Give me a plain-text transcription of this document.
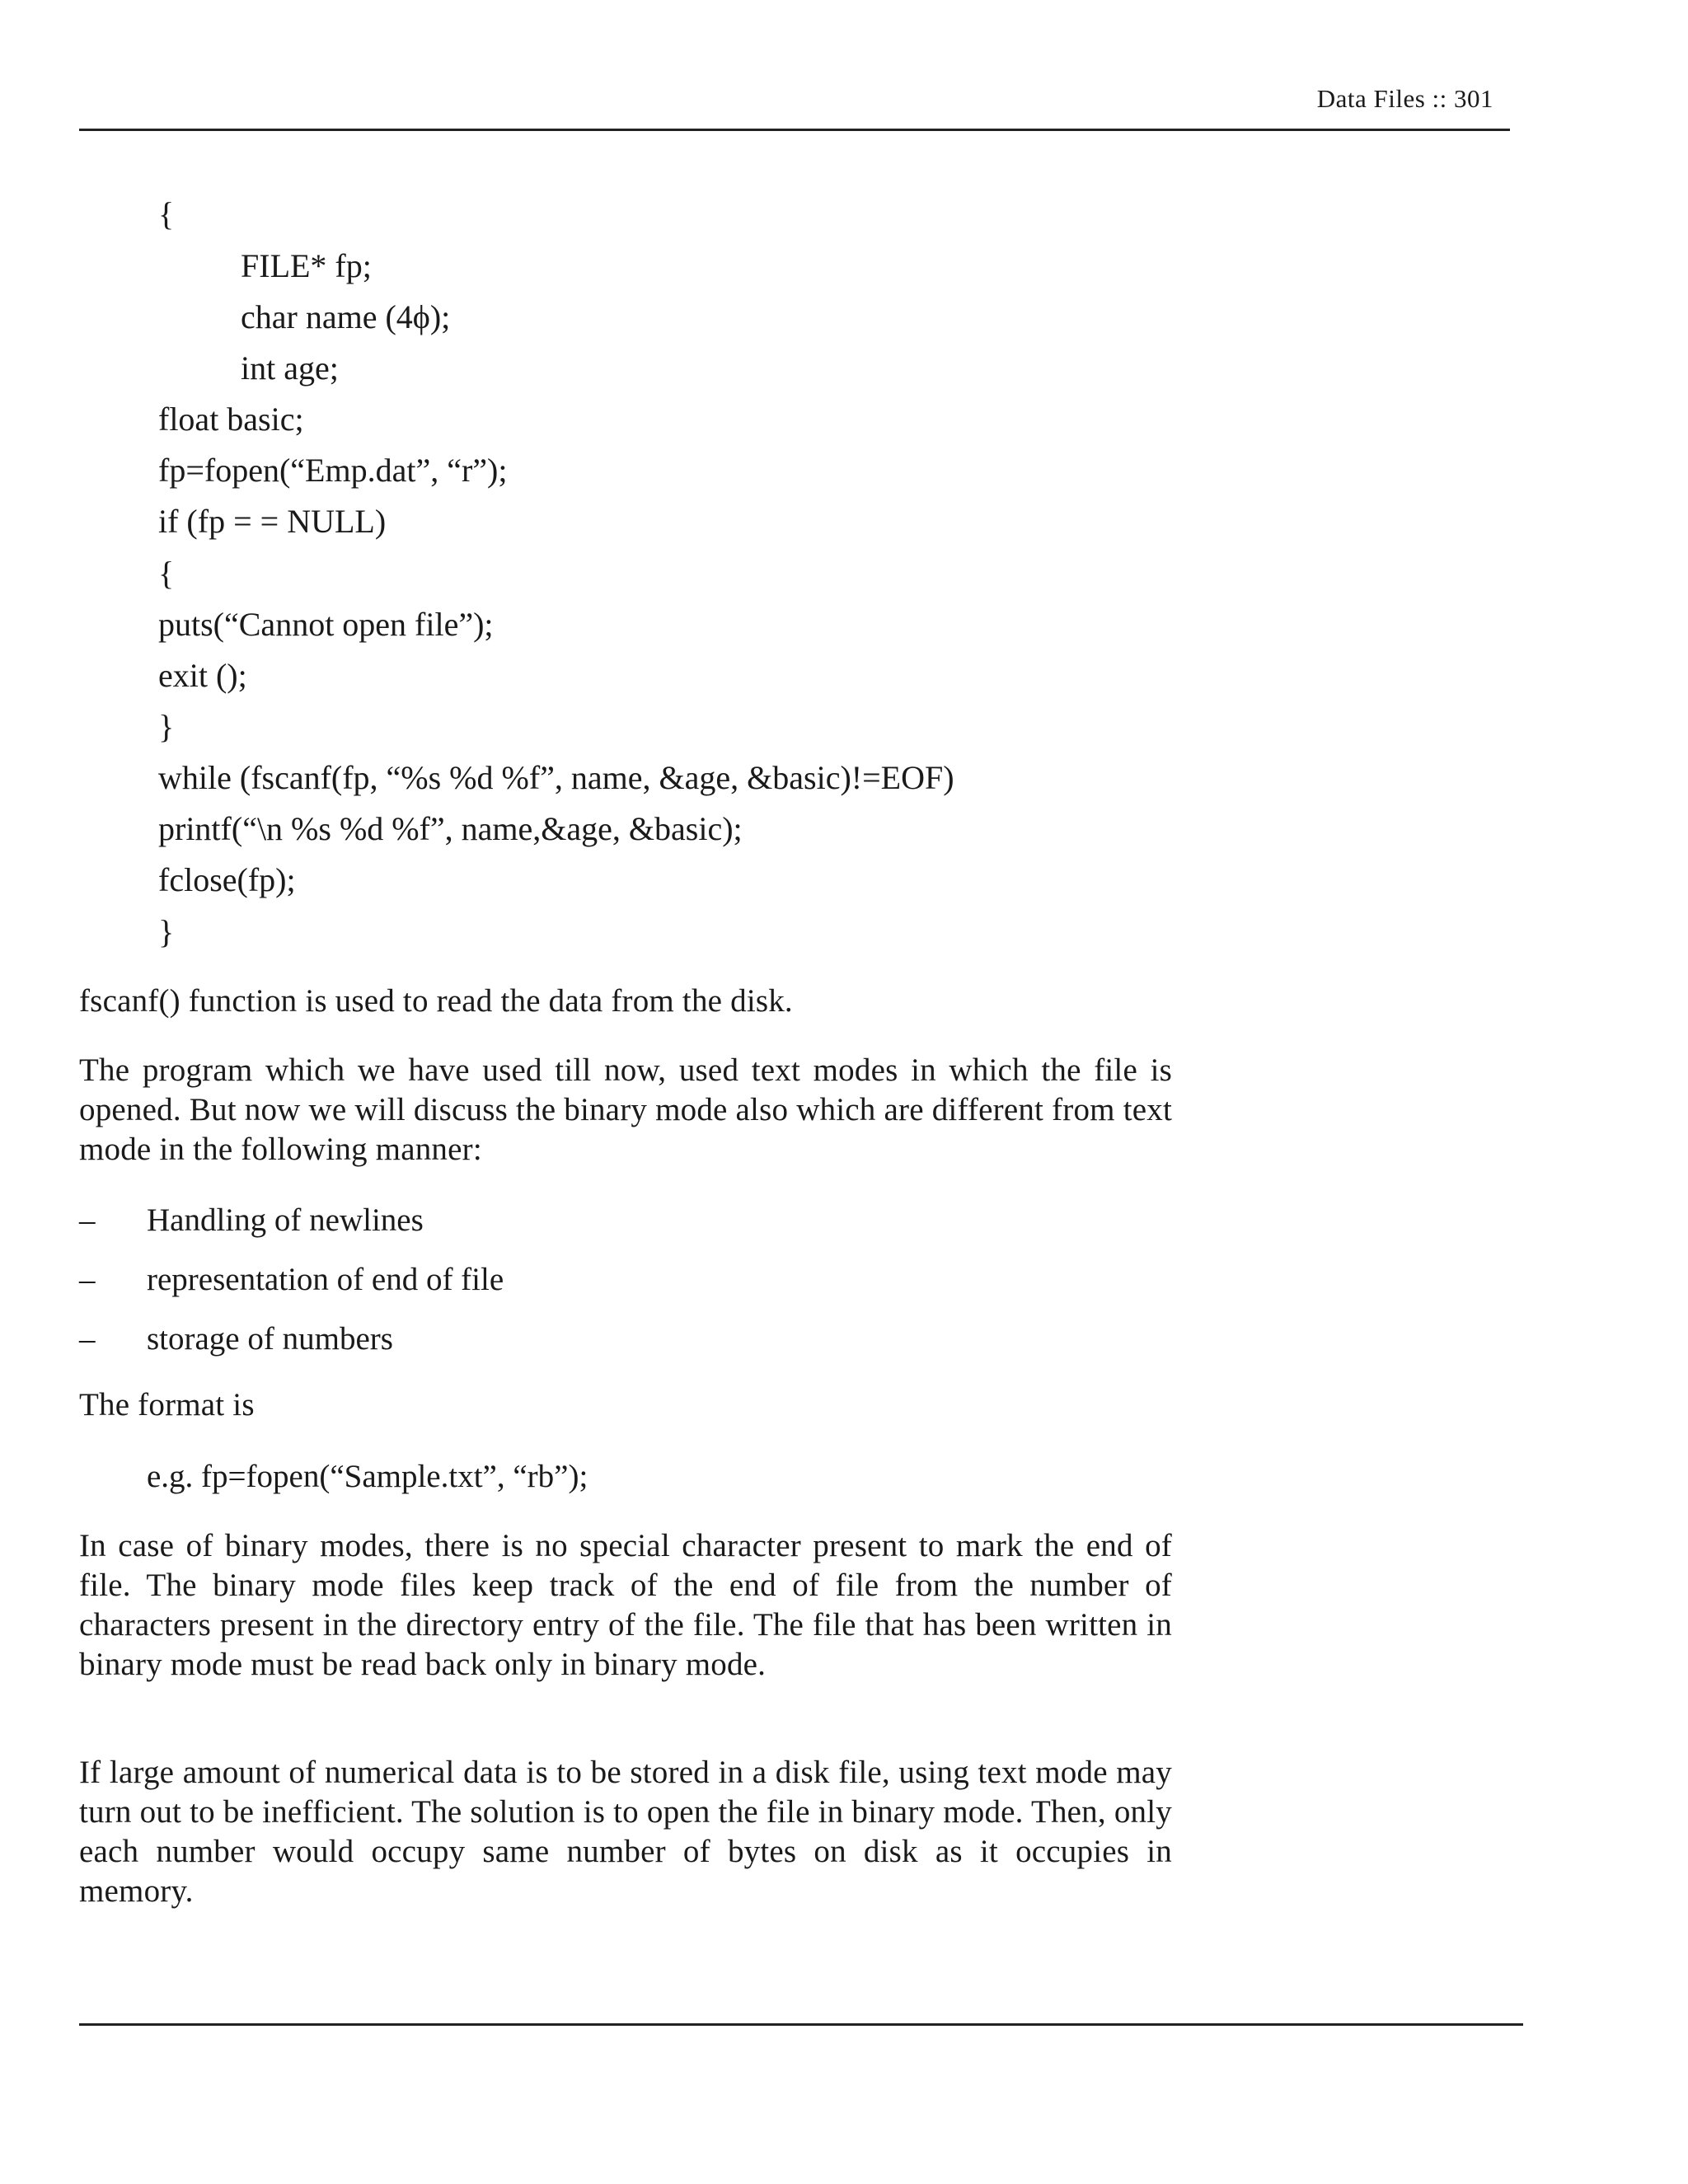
Data Files :: 301
{
FILE* fp;
char name (4ϕ);
int age;
float basic;
fp=fopen(“Emp.dat”, “r”);
if (fp = = NULL)
{
puts(“Cannot open file”);
exit ();
}
while (fscanf(fp, “%s %d %f”, name, &age, &basic)!=EOF)
printf(“\n %s %d %f”, name,&age, &basic);
fclose(fp);
}
fscanf() function is used to read the data from the disk.
The program which we have used till now, used text modes in which the file is opened. But now we will discuss the binary mode also which are different from text mode in the following manner:
– Handling of newlines
– representation of end of file
– storage of numbers
The format is
e.g. fp=fopen(“Sample.txt”, “rb”);
In case of binary modes, there is no special character present to mark the end of file. The binary mode files keep track of the end of file from the number of characters present in the directory entry of the file. The file that has been written in binary mode must be read back only in binary mode.
If large amount of numerical data is to be stored in a disk file, using text mode may turn out to be inefficient. The solution is to open the file in binary mode. Then, only each number would occupy same number of bytes on disk as it occupies in memory.
